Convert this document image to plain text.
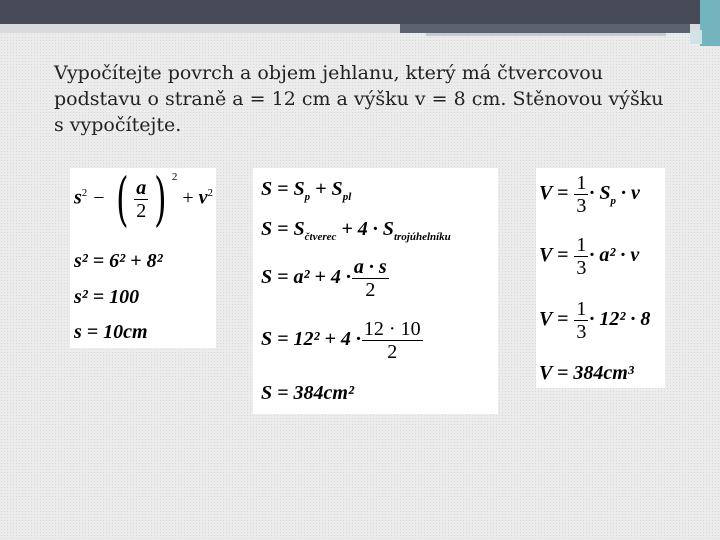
Vypočítejte povrch a objem jehlanu, který má čtvercovou podstavu o straně a = 12 cm a výšku v = 8 cm. Stěnovou výšku s vypočítejte.

$s^2$ − ( $\frac{a}{2}$ ) $^2+ v^2$
s² = 6² + 8²
s² = 100
s = 10cm
$S = S_p + S_{pl}$
$S = S_{čtverec} + 4 \cdot S_{trojúhelníku}$
$S = a^2 + 4 \cdot \frac{a \cdot s}{2}$
$S = 12^2 + 4 \cdot \frac{12 \cdot 10}{2}$
S = 384cm²
$V = \frac{1}{3} \cdot S_p \cdot v$
$V = \frac{1}{3} \cdot a^2 \cdot v$
$V = \frac{1}{3} \cdot 12^2 \cdot 8$
V = 384cm³
